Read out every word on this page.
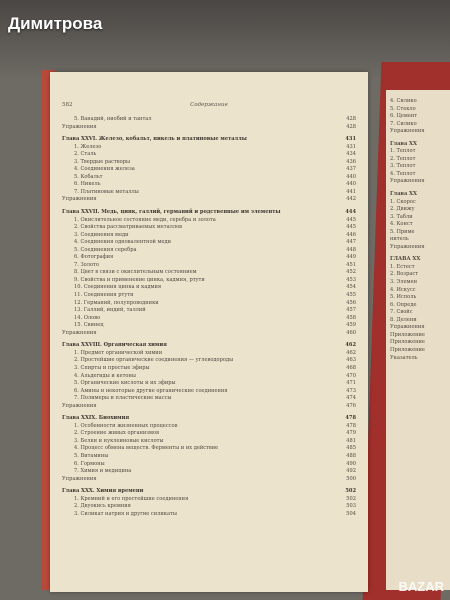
4. Силико
5. Стекло
6. Цемент
7. Силико
Упражнения
Глава XX
1. Теплот
2. Теплот
3. Теплот
4. Теплот
Упражнения
Глава XX
1. Скорос
2. Движу
3. Табли
4. Конст
5. Приме
нитель
Упражнения
ГЛАВА XX
1. Естест
2. Возраст
3. Элемен
4. Искусс
5. Исполь
6. Опреде
7. Свойс
8. Делени
Упражнения
Приложение
Приложение
Приложение
Указатель
582	Содержание
5. Ванадий, ниобий и тантал	428
Упражнения	428
Глава XXVI. Железо, кобальт, никель и платиновые металлы	431
1. Железо	431
2. Сталь	434
3. Твердые растворы	436
4. Соединения железа	437
5. Кобальт	440
6. Никель	440
7. Платиновые металлы	441
Упражнения	442
Глава XXVII. Медь, цинк, галлий, германий и родственные им элементы	444
1. Окислительное состояние меди, серебра и золота	445
2. Свойства рассматриваемых металлов	445
3. Соединения меди	446
4. Соединения одновалентной меди	447
5. Соединения серебра	448
6. Фотография	449
7. Золото	451
8. Цвет в связи с окислительным состоянием	452
9. Свойства и применение цинка, кадмия, ртути	453
10. Соединения цинка и кадмия	454
11. Соединения ртути	455
12. Германий, полупроводники	456
13. Галлий, индий, таллий	457
14. Олово	458
15. Свинец	459
Упражнения	460
Глава XXVIII. Органическая химия	462
1. Предмет органической химии	462
2. Простейшие органические соединения — углеводороды	463
3. Спирты и простые эфиры	468
4. Альдегиды и кетоны	470
5. Органические кислоты и их эфиры	471
6. Амины и некоторые другие органические соединения	473
7. Полимеры и пластические массы	474
Упражнения	476
Глава XXIX. Биохимия	478
1. Особенности жизненных процессов	478
2. Строение живых организмов	479
3. Белки и нуклеиновые кислоты	481
4. Процесс обмена веществ. Ферменты и их действие	485
5. Витамины	488
6. Гормоны	490
7. Химия и медицина	492
Упражнения	500
Глава XXX. Химия времени	502
1. Кремний и его простейшие соединения	502
2. Двуокись кремния	503
3. Силикат натрия и другие силикаты	504
Димитрова
BAZAR
